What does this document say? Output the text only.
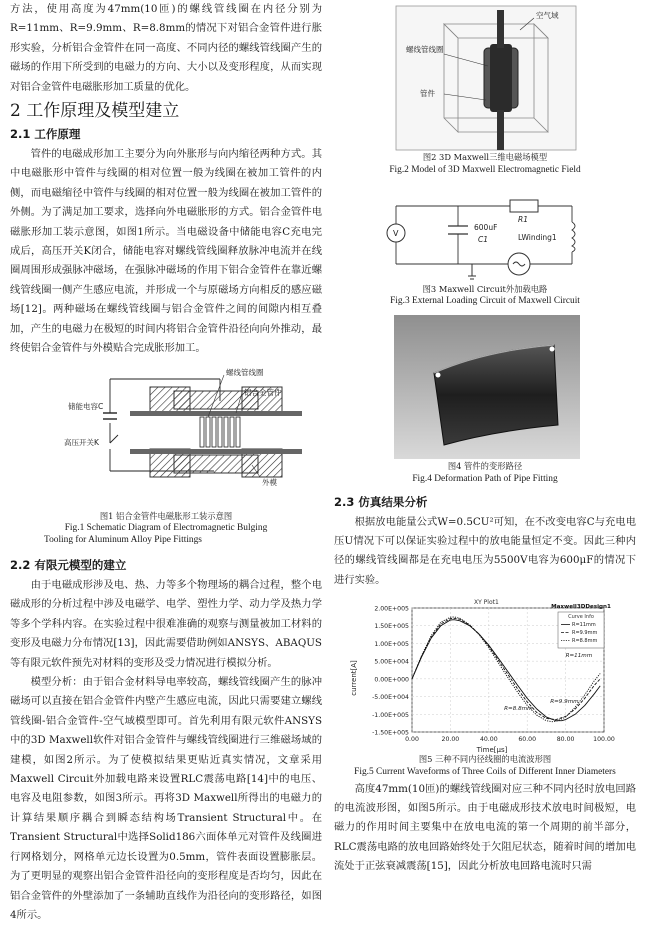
方法，使用高度为47mm(10匝)的螺线管线圈在内径分别为R=11mm、R=9.9mm、R=8.8mm的情况下对铝合金管件进行胀形实验，分析铝合金管件在同一高度、不同内径的螺线管线圈产生的磁场的作用下所受到的电磁力的方向、大小以及变形程度，从而实现对铝合金管件电磁胀形加工质量的优化。

2 工作原理及模型建立
2.1 工作原理

管件的电磁成形加工主要分为向外胀形与向内缩径两种方式。其中电磁胀形中管件与线圈的相对位置一般为线圈在被加工管件的内侧，而电磁缩径中管件与线圈的相对位置一般为线圈在被加工管件的外侧。为了满足加工要求，选择向外电磁胀形的方式。铝合金管件电磁胀形加工装示意图，如图1所示。当电磁设备中储能电容C充电完成后，高压开关K闭合，储能电容对螺线管线圈释放脉冲电流并在线圈周围形成强脉冲磁场，在强脉冲磁场的作用下铝合金管件在靠近螺线管线圈一侧产生感应电流，并形成一个与原磁场方向相反的感应磁场[12]。两种磁场在螺线管线圈与铝合金管件之间的间隙内相互叠加，产生的电磁力在极短的时间内将铝合金管件沿径向向外推动，最终使铝合金管件与外模贴合完成胀形加工。

螺线管线圈
铝合金管件
储能电容C
高压开关K
外模
图1 铝合金管件电磁胀形工装示意图
Fig.1 Schematic Diagram of Electromagnetic Bulging
Tooling for Aluminum Alloy Pipe Fittings
2.2 有限元模型的建立

由于电磁成形涉及电、热、力等多个物理场的耦合过程，整个电磁成形的分析过程中涉及电磁学、电学、塑性力学、动力学及热力学等多个学科内容。在实验过程中很难准确的观察与测量被加工材料的变形及电磁力分布情况[13]，因此需要借助例如ANSYS、ABAQUS等有限元软件预先对材料的变形及受力情况进行模拟分析。

模型分析：由于铝合金材料导电率较高，螺线管线圈产生的脉冲磁场可以直接在铝合金管件内壁产生感应电流，因此只需要建立螺线管线圈-铝合金管件-空气域模型即可。首先利用有限元软件ANSYS中的3D Maxwell软件对铝合金管件与螺线管线圈进行三维磁场域的建模，如图2所示。为了使模拟结果更贴近真实情况，文章采用Maxwell Circuit外加载电路来设置RLC震荡电路[14]中的电压、电容及电阻参数，如图3所示。再将3D Maxwell所得出的电磁力的计算结果顺序耦合到瞬态结构场Transient Structural中。在Transient Structural中选择Solid186六面体单元对管件及线圈进行网格划分，网格单元边长设置为0.5mm，管件表面设置膨胀层。为了更明显的观察出铝合金管件沿径向的变形程度是否均匀，因此在铝合金管件的外壁添加了一条辅助直线作为沿径向的变形路径，如图4所示。

空气域
螺线管线圈
管件
图2 3D Maxwell三维电磁场模型
Fig.2 Model of 3D Maxwell Electromagnetic Field
V
600uF
C1
R1
LWinding1
图3 Maxwell Circuit外加载电路
Fig.3 External Loading Circuit of Maxwell Circuit
图4 管件的变形路径
Fig.4 Deformation Path of Pipe Fitting
2.3 仿真结果分析

根据放电能量公式W=0.5CU²可知，在不改变电容C与充电电压U情况下可以保证实验过程中的放电能量恒定不变。因此三种内径的螺线管线圈都是在充电电压为5500V电容为600μF的情况下进行实验。

XY Plot1
current[A]
Time[μs]
2.00E+005
1.50E+005
1.00E+005
5.00E+004
0.00E+000
-5.00E+004
-1.00E+005
-1.50E+005
0.00	20.00	40.00	60.00	80.00	100.00
R=11mm
R=9.9mm
R=8.8mm
Maxwell3DDesign1
Curve Info
R=11mm
R=9.9mm
R=8.8mm
图5 三种不同内径线圈的电流波形图
Fig.5 Current Waveforms of Three Coils of Different Inner Diameters

高度47mm(10匝)的螺线管线圈对应三种不同内径时放电回路的电流波形图，如图5所示。由于电磁成形技术放电时间极短，电磁力的作用时间主要集中在放电电流的第一个周期的前半部分，RLC震荡电路的放电回路始终处于欠阻尼状态，随着时间的增加电流处于正弦衰减震荡[15]，因此分析放电回路电流时只需
